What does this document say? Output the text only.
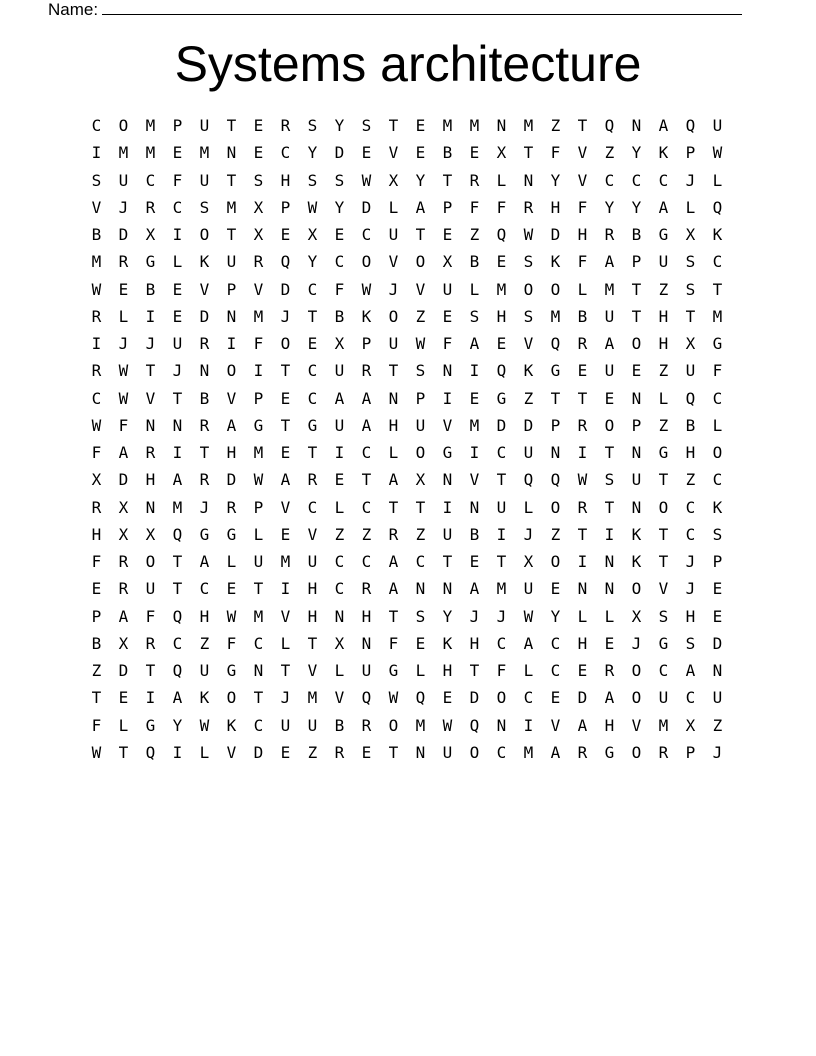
Name:
Systems architecture
C	O	M	P	U	T	E	R	S	Y	S	T	E	M	M	N	M	Z	T	Q	N	A	Q	U
I	M	M	E	M	N	E	C	Y	D	E	V	E	B	E	X	T	F	V	Z	Y	K	P	W
S	U	C	F	U	T	S	H	S	S	W	X	Y	T	R	L	N	Y	V	C	C	C	J	L
V	J	R	C	S	M	X	P	W	Y	D	L	A	P	F	F	R	H	F	Y	Y	A	L	Q
B	D	X	I	O	T	X	E	X	E	C	U	T	E	Z	Q	W	D	H	R	B	G	X	K
M	R	G	L	K	U	R	Q	Y	C	O	V	O	X	B	E	S	K	F	A	P	U	S	C
W	E	B	E	V	P	V	D	C	F	W	J	V	U	L	M	O	O	L	M	T	Z	S	T
R	L	I	E	D	N	M	J	T	B	K	O	Z	E	S	H	S	M	B	U	T	H	T	M
I	J	J	U	R	I	F	O	E	X	P	U	W	F	A	E	V	Q	R	A	O	H	X	G
R	W	T	J	N	O	I	T	C	U	R	T	S	N	I	Q	K	G	E	U	E	Z	U	F
C	W	V	T	B	V	P	E	C	A	A	N	P	I	E	G	Z	T	T	E	N	L	Q	C
W	F	N	N	R	A	G	T	G	U	A	H	U	V	M	D	D	P	R	O	P	Z	B	L
F	A	R	I	T	H	M	E	T	I	C	L	O	G	I	C	U	N	I	T	N	G	H	O
X	D	H	A	R	D	W	A	R	E	T	A	X	N	V	T	Q	Q	W	S	U	T	Z	C
R	X	N	M	J	R	P	V	C	L	C	T	T	I	N	U	L	O	R	T	N	O	C	K
H	X	X	Q	G	G	L	E	V	Z	Z	R	Z	U	B	I	J	Z	T	I	K	T	C	S
F	R	O	T	A	L	U	M	U	C	C	A	C	T	E	T	X	O	I	N	K	T	J	P
E	R	U	T	C	E	T	I	H	C	R	A	N	N	A	M	U	E	N	N	O	V	J	E
P	A	F	Q	H	W	M	V	H	N	H	T	S	Y	J	J	W	Y	L	L	X	S	H	E
B	X	R	C	Z	F	C	L	T	X	N	F	E	K	H	C	A	C	H	E	J	G	S	D
Z	D	T	Q	U	G	N	T	V	L	U	G	L	H	T	F	L	C	E	R	O	C	A	N
T	E	I	A	K	O	T	J	M	V	Q	W	Q	E	D	O	C	E	D	A	O	U	C	U
F	L	G	Y	W	K	C	U	U	B	R	O	M	W	Q	N	I	V	A	H	V	M	X	Z
W	T	Q	I	L	V	D	E	Z	R	E	T	N	U	O	C	M	A	R	G	O	R	P	J
